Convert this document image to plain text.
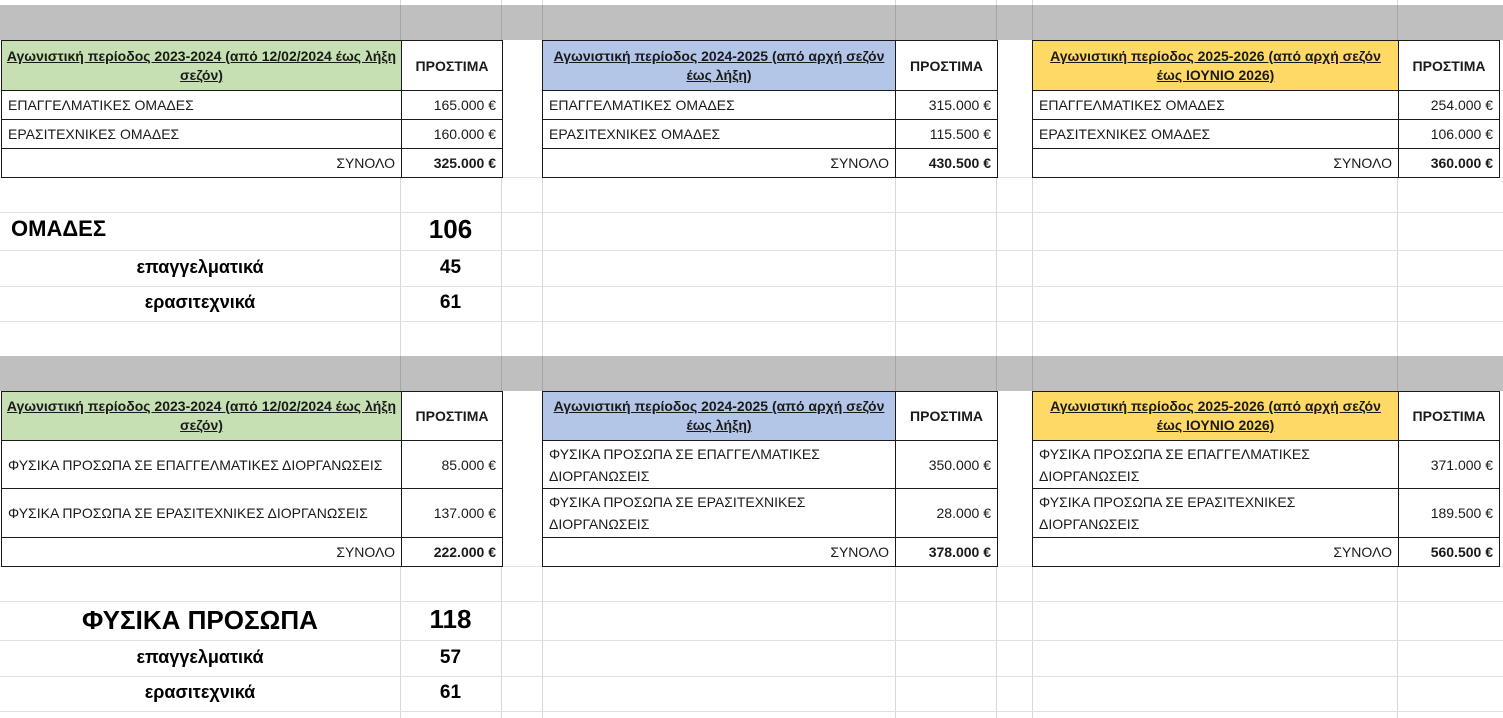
Αγωνιστική περίοδος 2023-2024 (από 12/02/2024 έως λήξη σεζόν)	ΠΡΟΣΤΙΜΑ
ΕΠΑΓΓΕΛΜΑΤΙΚΕΣ ΟΜΑΔΕΣ	165.000 €
ΕΡΑΣΙΤΕΧΝΙΚΕΣ ΟΜΑΔΕΣ	160.000 €
ΣΥΝΟΛΟ	325.000 €
Αγωνιστική περίοδος 2024-2025 (από αρχή σεζόν έως λήξη)	ΠΡΟΣΤΙΜΑ
ΕΠΑΓΓΕΛΜΑΤΙΚΕΣ ΟΜΑΔΕΣ	315.000 €
ΕΡΑΣΙΤΕΧΝΙΚΕΣ ΟΜΑΔΕΣ	115.500 €
ΣΥΝΟΛΟ	430.500 €
Αγωνιστική περίοδος 2025-2026 (από αρχή σεζόν έως ΙΟΥΝΙΟ 2026)	ΠΡΟΣΤΙΜΑ
ΕΠΑΓΓΕΛΜΑΤΙΚΕΣ ΟΜΑΔΕΣ	254.000 €
ΕΡΑΣΙΤΕΧΝΙΚΕΣ ΟΜΑΔΕΣ	106.000 €
ΣΥΝΟΛΟ	360.000 €
ΟΜΑΔΕΣ	106
επαγγελματικά	45
ερασιτεχνικά	61
Αγωνιστική περίοδος 2023-2024 (από 12/02/2024 έως λήξη σεζόν)	ΠΡΟΣΤΙΜΑ
ΦΥΣΙΚΑ ΠΡΟΣΩΠΑ ΣΕ ΕΠΑΓΓΕΛΜΑΤΙΚΕΣ ΔΙΟΡΓΑΝΩΣΕΙΣ	85.000 €
ΦΥΣΙΚΑ ΠΡΟΣΩΠΑ ΣΕ ΕΡΑΣΙΤΕΧΝΙΚΕΣ ΔΙΟΡΓΑΝΩΣΕΙΣ	137.000 €
ΣΥΝΟΛΟ	222.000 €
Αγωνιστική περίοδος 2024-2025 (από αρχή σεζόν έως λήξη)	ΠΡΟΣΤΙΜΑ
ΦΥΣΙΚΑ ΠΡΟΣΩΠΑ ΣΕ ΕΠΑΓΓΕΛΜΑΤΙΚΕΣ ΔΙΟΡΓΑΝΩΣΕΙΣ	350.000 €
ΦΥΣΙΚΑ ΠΡΟΣΩΠΑ ΣΕ ΕΡΑΣΙΤΕΧΝΙΚΕΣ ΔΙΟΡΓΑΝΩΣΕΙΣ	28.000 €
ΣΥΝΟΛΟ	378.000 €
Αγωνιστική περίοδος 2025-2026 (από αρχή σεζόν έως ΙΟΥΝΙΟ 2026)	ΠΡΟΣΤΙΜΑ
ΦΥΣΙΚΑ ΠΡΟΣΩΠΑ ΣΕ ΕΠΑΓΓΕΛΜΑΤΙΚΕΣ ΔΙΟΡΓΑΝΩΣΕΙΣ	371.000 €
ΦΥΣΙΚΑ ΠΡΟΣΩΠΑ ΣΕ ΕΡΑΣΙΤΕΧΝΙΚΕΣ ΔΙΟΡΓΑΝΩΣΕΙΣ	189.500 €
ΣΥΝΟΛΟ	560.500 €
ΦΥΣΙΚΑ ΠΡΟΣΩΠΑ	118
επαγγελματικά	57
ερασιτεχνικά	61
